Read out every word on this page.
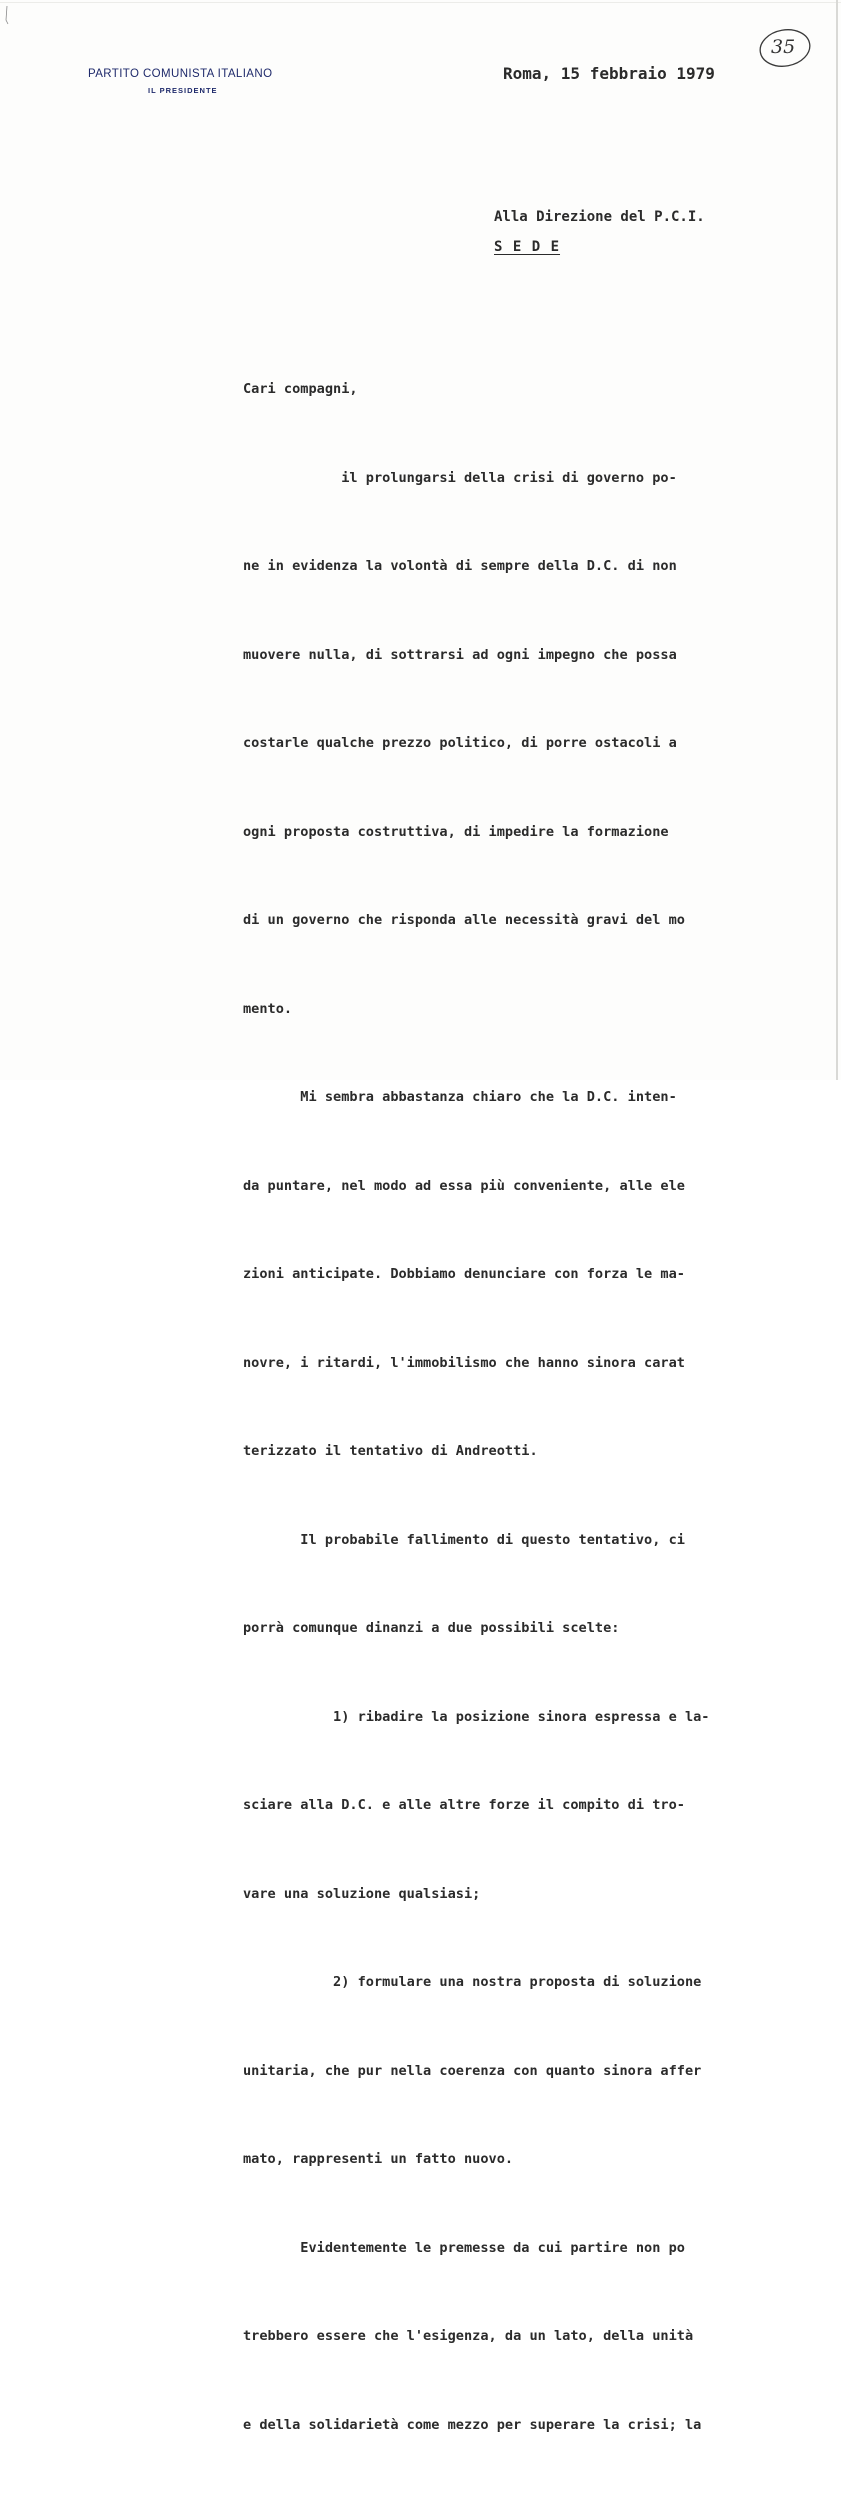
PARTITO COMUNISTA ITALIANO
IL PRESIDENTE
Roma, 15 febbraio 1979
35
Alla Direzione del P.C.I.
S E D E

Cari compagni,

il prolungarsi della crisi di governo po-

ne in evidenza la volontà di sempre della D.C. di non

muovere nulla, di sottrarsi ad ogni impegno che possa

costarle qualche prezzo politico, di porre ostacoli a

ogni proposta costruttiva, di impedire la formazione

di un governo che risponda alle necessità gravi del mo

mento.

Mi sembra abbastanza chiaro che la D.C. inten-

da puntare, nel modo ad essa più conveniente, alle ele

zioni anticipate. Dobbiamo denunciare con forza le ma-

novre, i ritardi, l'immobilismo che hanno sinora carat

terizzato il tentativo di Andreotti.

Il probabile fallimento di questo tentativo, ci

porrà comunque dinanzi a due possibili scelte:

1) ribadire la posizione sinora espressa e la-

sciare alla D.C. e alle altre forze il compito di tro-

vare una soluzione qualsiasi;

2) formulare una nostra proposta di soluzione

unitaria, che pur nella coerenza con quanto sinora affer

mato, rappresenti un fatto nuovo.

Evidentemente le premesse da cui partire non po

trebbero essere che l'esigenza, da un lato, della unità

e della solidarietà come mezzo per superare la crisi; la
